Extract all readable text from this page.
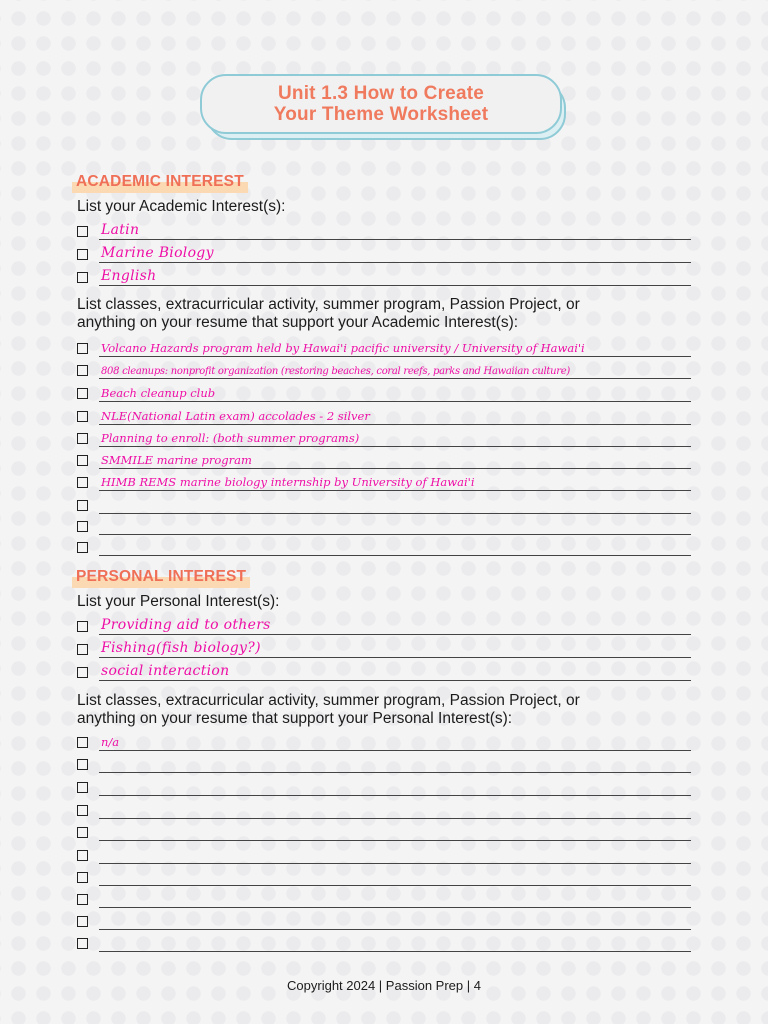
Unit 1.3 How to Create
Your Theme Worksheet
ACADEMIC INTEREST
List your Academic Interest(s):
Latin
Marine Biology
English
List classes, extracurricular activity, summer program, Passion Project, or
anything on your resume that support your Academic Interest(s):
Volcano Hazards program held by Hawai'i pacific university / University of Hawai'i
808 cleanups: nonprofit organization (restoring beaches, coral reefs, parks and Hawaiian culture)
Beach cleanup club
NLE(National Latin exam) accolades - 2 silver
Planning to enroll: (both summer programs)
SMMILE marine program
HIMB REMS marine biology internship by University of Hawai'i
PERSONAL INTEREST
List your Personal Interest(s):
Providing aid to others
Fishing(fish biology?)
social interaction
List classes, extracurricular activity, summer program, Passion Project, or
anything on your resume that support your Personal Interest(s):
n/a
Copyright 2024 | Passion Prep | 4
